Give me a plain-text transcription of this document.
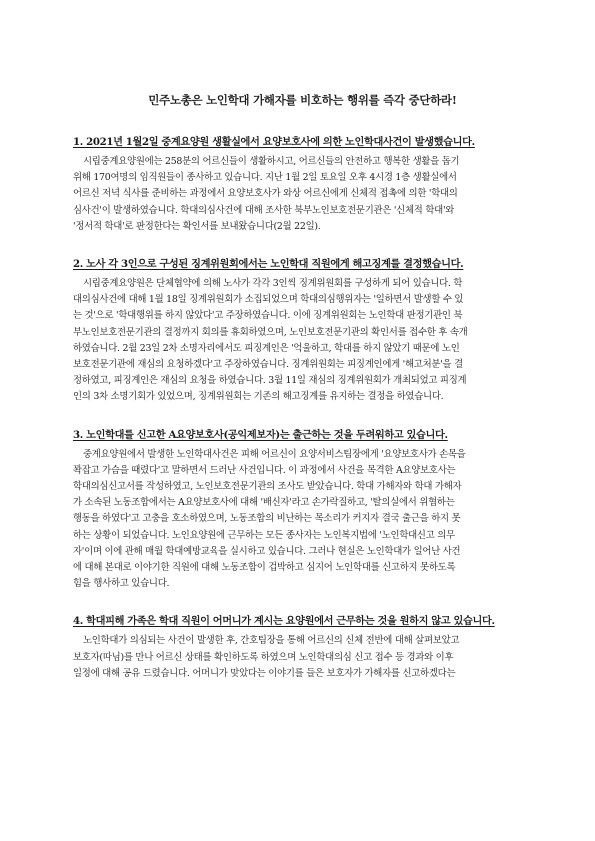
민주노총은 노인학대 가해자를 비호하는 행위를 즉각 중단하라!
1. 2021년 1월2일 중계요양원 생활실에서 요양보호사에 의한 노인학대사건이 발생했습니다.
시립중계요양원에는 258분의 어르신들이 생활하시고, 어르신들의 안전하고 행복한 생활을 돕기
위해 170여명의 임직원들이 종사하고 있습니다. 지난 1월 2일 토요일 오후 4시경 1층 생활실에서
어르신 저녁 식사를 준비하는 과정에서 요양보호사가 와상 어르신에게 신체적 접촉에 의한 '학대의
심사건'이 발생하였습니다. 학대의심사건에 대해 조사한 북부노인보호전문기관은 '신체적 학대'와
'정서적 학대'로 판정한다는 확인서를 보내왔습니다(2월 22일).
2. 노사 각 3인으로 구성된 징계위원회에서는 노인학대 직원에게 해고징계를 결정했습니다.
시립중계요양원은 단체협약에 의해 노사가 각각 3인씩 징계위원회를 구성하게 되어 있습니다. 학
대의심사건에 대해 1월 18일 징계위원회가 소집되었으며 학대의심행위자는 '일하면서 발생할 수 있
는 것'으로 '학대행위를 하지 않았다'고 주장하였습니다. 이에 징계위원회는 노인학대 판정기관인 북
부노인보호전문기관의 결정까지 회의를 휴회하였으며, 노인보호전문기관의 확인서를 접수한 후 속개
하였습니다. 2월 23일 2차 소명자리에서도 피징계인은 '억울하고, 학대를 하지 않았기 때문에 노인
보호전문기관에 재심의 요청하겠다'고 주장하였습니다. 징계위원회는 피징계인에게 '해고처분'을 결
정하였고, 피징계인은 재심의 요청을 하였습니다. 3월 11일 재심의 징계위원회가 개최되었고 피징계
인의 3차 소명기회가 있었으며, 징계위원회는 기존의 해고징계를 유지하는 결정을 하였습니다.
3. 노인학대를 신고한 A요양보호사(공익제보자)는 출근하는 것을 두려워하고 있습니다.
중계요양원에서 발생한 노인학대사건은 피해 어르신이 요양서비스팀장에게 '요양보호사가 손목을
꽉잡고 가슴을 때렸다'고 말하면서 드러난 사건입니다. 이 과정에서 사건을 목격한 A요양보호사는
학대의심신고서를 작성하였고, 노인보호전문기관의 조사도 받았습니다. 학대 가해자와 학대 가해자
가 소속된 노동조합에서는 A요양보호사에 대해 '배신자'라고 손가락질하고, '탈의실에서 위협하는
행동을 하였다'고 고충을 호소하였으며, 노동조합의 비난하는 목소리가 커지자 결국 출근을 하지 못
하는 상황이 되었습니다. 노인요양원에 근무하는 모든 종사자는 노인복지법에 '노인학대신고 의무
자'이며 이에 관해 매월 학대예방교육을 실시하고 있습니다. 그러나 현실은 노인학대가 일어난 사건
에 대해 본대로 이야기한 직원에 대해 노동조합이 겁박하고 심지어 노인학대를 신고하지 못하도록
힘을 행사하고 있습니다.
4. 학대피해 가족은 학대 직원이 어머니가 계시는 요양원에서 근무하는 것을 원하지 않고 있습니다.
노인학대가 의심되는 사건이 발생한 후, 간호팀장을 통해 어르신의 신체 전반에 대해 살펴보았고
보호자(따님)를 만나 어르신 상태를 확인하도록 하였으며 노인학대의심 신고 접수 등 경과와 이후
일정에 대해 공유 드렸습니다. 어머니가 맞았다는 이야기를 들은 보호자가 가해자를 신고하겠다는
